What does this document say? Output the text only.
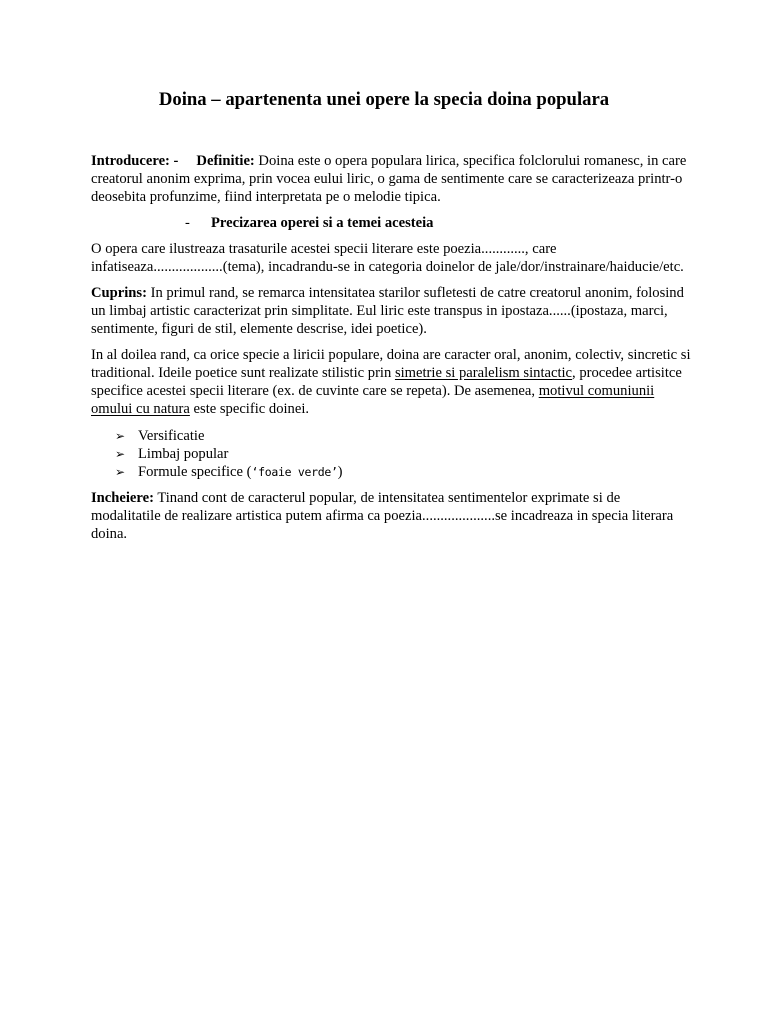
Doina – apartenenta unei opere la specia doina populara

Introducere: - Definitie: Doina este o opera populara lirica, specifica folclorului romanesc, in care creatorul anonim exprima, prin vocea eului liric, o gama de sentimente care se caracterizeaza printr-o deosebita profunzime, fiind interpretata pe o melodie tipica.

- Precizarea operei si a temei acesteia

O opera care ilustreaza trasaturile acestei specii literare este poezia............, care infatiseaza...................(tema), incadrandu-se in categoria doinelor de jale/dor/instrainare/haiducie/etc.

Cuprins: In primul rand, se remarca intensitatea starilor sufletesti de catre creatorul anonim, folosind un limbaj artistic caracterizat prin simplitate. Eul liric este transpus in ipostaza......(ipostaza, marci, sentimente, figuri de stil, elemente descrise, idei poetice).

In al doilea rand, ca orice specie a liricii populare, doina are caracter oral, anonim, colectiv, sincretic si traditional. Ideile poetice sunt realizate stilistic prin simetrie si paralelism sintactic, procedee artisitce specifice acestei specii literare (ex. de cuvinte care se repeta). De asemenea, motivul comuniunii omului cu natura este specific doinei.

➢ Versificatie
➢ Limbaj popular
➢ Formule specifice ( ‘foaie verde’ )

Incheiere: Tinand cont de caracterul popular, de intensitatea sentimentelor exprimate si de modalitatile de realizare artistica putem afirma ca poezia....................se incadreaza in specia literara doina.
